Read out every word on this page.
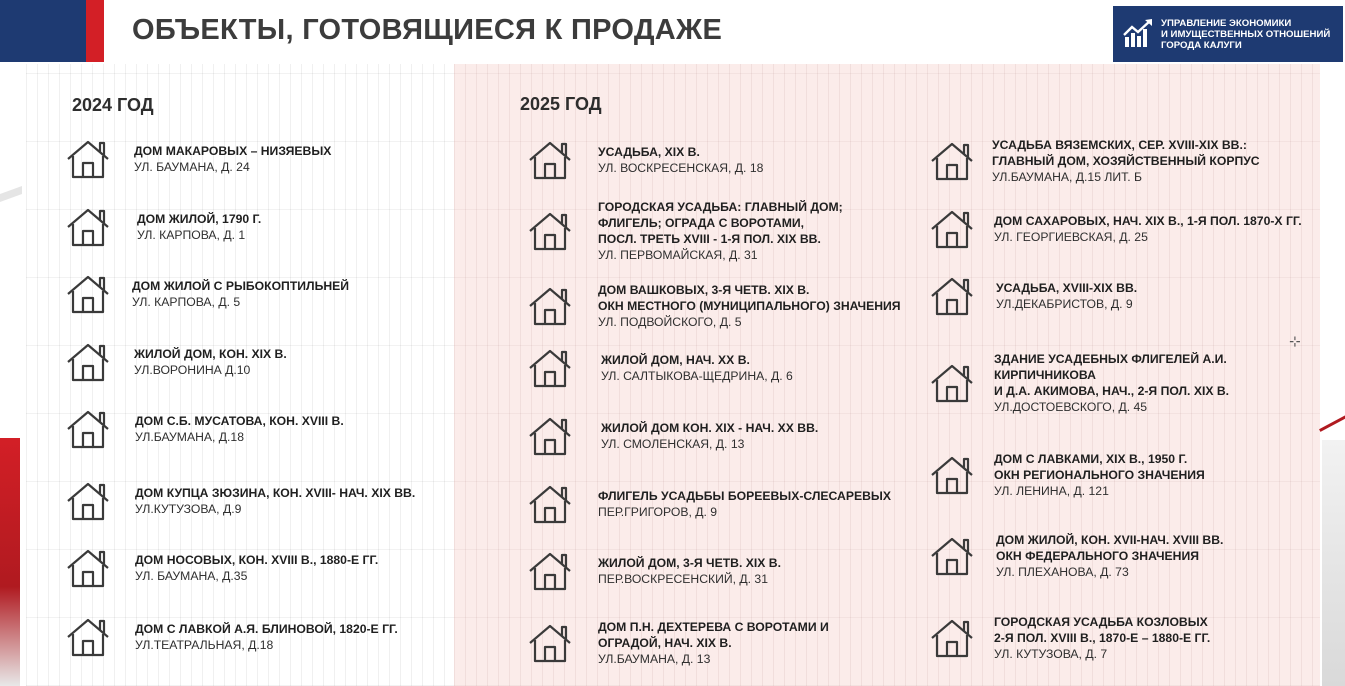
⊹
ОБЪЕКТЫ, ГОТОВЯЩИЕСЯ К ПРОДАЖЕ	УПРАВЛЕНИЕ ЭКОНОМИКИ
И ИМУЩЕСТВЕННЫХ ОТНОШЕНИЙ
ГОРОДА КАЛУГИ
2024 ГОД	2025 ГОД
ДОМ МАКАРОВЫХ – НИЗЯЕВЫХ
УЛ. БАУМАНА, Д. 24
ДОМ ЖИЛОЙ, 1790 Г.
УЛ. КАРПОВА, Д. 1
ДОМ ЖИЛОЙ С РЫБОКОПТИЛЬНЕЙ
УЛ. КАРПОВА, Д. 5
ЖИЛОЙ ДОМ, КОН. XIX В.
УЛ.ВОРОНИНА Д.10
ДОМ С.Б. МУСАТОВА, КОН. XVIII В.
УЛ.БАУМАНА, Д.18
ДОМ КУПЦА ЗЮЗИНА, КОН. XVIII- НАЧ. XIX ВВ.
УЛ.КУТУЗОВА, Д.9
ДОМ НОСОВЫХ, КОН. XVIII В., 1880-Е ГГ.
УЛ. БАУМАНА, Д.35
ДОМ С ЛАВКОЙ А.Я. БЛИНОВОЙ, 1820-Е ГГ.
УЛ.ТЕАТРАЛЬНАЯ, Д.18
УСАДЬБА, XIX В.
УЛ. ВОСКРЕСЕНСКАЯ, Д. 18
ГОРОДСКАЯ УСАДЬБА: ГЛАВНЫЙ ДОМ;
ФЛИГЕЛЬ; ОГРАДА С ВОРОТАМИ,
ПОСЛ. ТРЕТЬ XVIII - 1-Я ПОЛ. XIX ВВ.
УЛ. ПЕРВОМАЙСКАЯ, Д. 31
ДОМ ВАШКОВЫХ, 3-Я ЧЕТВ. XIX В.
ОКН МЕСТНОГО (МУНИЦИПАЛЬНОГО) ЗНАЧЕНИЯ
УЛ. ПОДВОЙСКОГО, Д. 5
ЖИЛОЙ ДОМ, НАЧ. XX В.
УЛ. САЛТЫКОВА-ЩЕДРИНА, Д. 6
ЖИЛОЙ ДОМ КОН. XIX - НАЧ. XX ВВ.
УЛ. СМОЛЕНСКАЯ, Д. 13
ФЛИГЕЛЬ УСАДЬБЫ БОРЕЕВЫХ-СЛЕСАРЕВЫХ
ПЕР.ГРИГОРОВ, Д. 9
ЖИЛОЙ ДОМ, 3-Я ЧЕТВ. XIX В.
ПЕР.ВОСКРЕСЕНСКИЙ, Д. 31
ДОМ П.Н. ДЕХТЕРЕВА С ВОРОТАМИ И
ОГРАДОЙ, НАЧ. XIX В.
УЛ.БАУМАНА, Д. 13
УСАДЬБА ВЯЗЕМСКИХ, СЕР. XVIII-XIX ВВ.:
ГЛАВНЫЙ ДОМ, ХОЗЯЙСТВЕННЫЙ КОРПУС
УЛ.БАУМАНА, Д.15 ЛИТ. Б
ДОМ САХАРОВЫХ, НАЧ. XIX В., 1-Я ПОЛ. 1870-Х ГГ.
УЛ. ГЕОРГИЕВСКАЯ, Д. 25
УСАДЬБА, XVIII-XIX ВВ.
УЛ.ДЕКАБРИСТОВ, Д. 9
ЗДАНИЕ УСАДЕБНЫХ ФЛИГЕЛЕЙ А.И.
КИРПИЧНИКОВА
И Д.А. АКИМОВА, НАЧ., 2-Я ПОЛ. XIX В.
УЛ.ДОСТОЕВСКОГО, Д. 45
ДОМ С ЛАВКАМИ, XIX В., 1950 Г.
ОКН РЕГИОНАЛЬНОГО ЗНАЧЕНИЯ
УЛ. ЛЕНИНА, Д. 121
ДОМ ЖИЛОЙ, КОН. XVII-НАЧ. XVIII ВВ.
ОКН ФЕДЕРАЛЬНОГО ЗНАЧЕНИЯ
УЛ. ПЛЕХАНОВА, Д. 73
ГОРОДСКАЯ УСАДЬБА КОЗЛОВЫХ
2-Я ПОЛ. XVIII В., 1870-Е – 1880-Е ГГ.
УЛ. КУТУЗОВА, Д. 7
